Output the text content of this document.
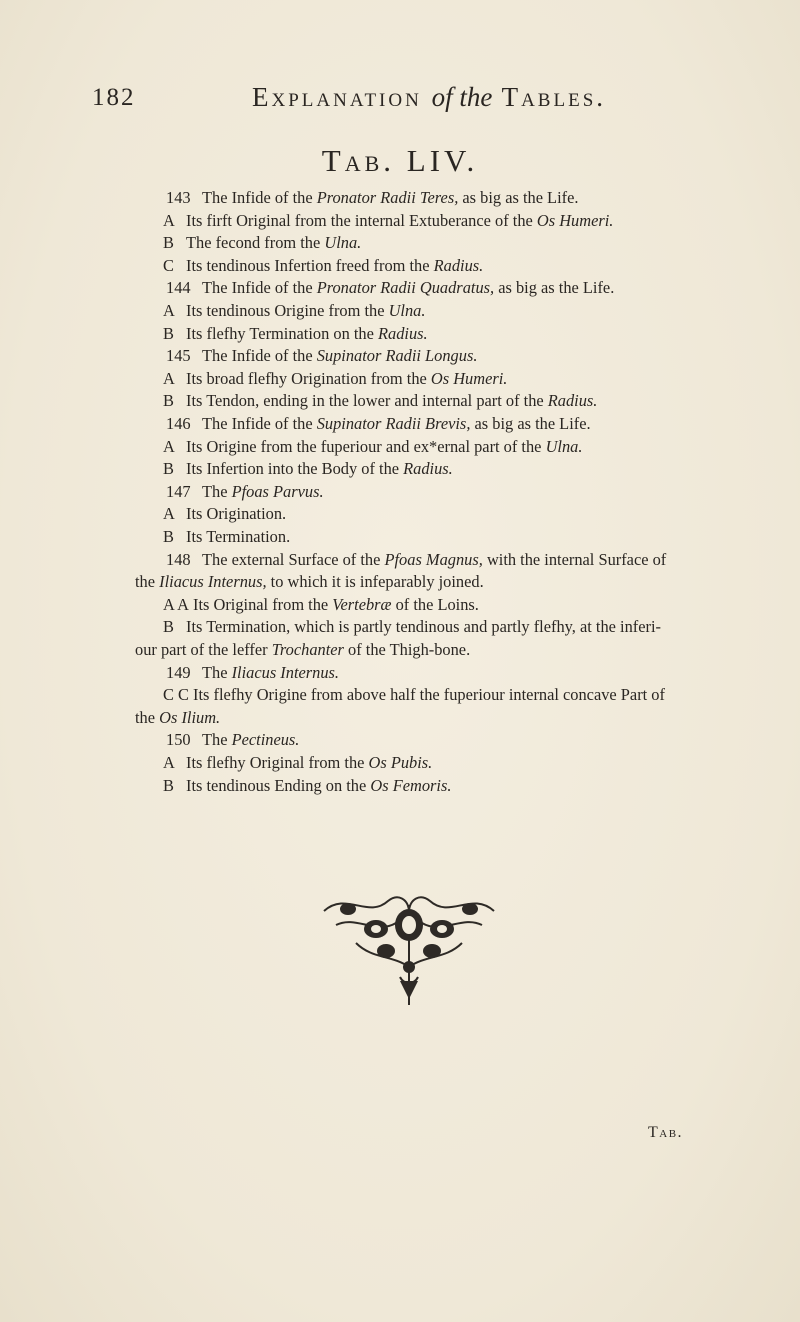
182	Explanation of the Tables.
Tab. LIV.
143 The Infide of the Pronator Radii Teres, as big as the Life.
A Its firft Original from the internal Extuberance of the Os Humeri.
B The fecond from the Ulna.
C Its tendinous Infertion freed from the Radius.
144 The Infide of the Pronator Radii Quadratus, as big as the Life.
A Its tendinous Origine from the Ulna.
B Its flefhy Termination on the Radius.
145 The Infide of the Supinator Radii Longus.
A Its broad flefhy Origination from the Os Humeri.
B Its Tendon, ending in the lower and internal part of the Radius.
146 The Infide of the Supinator Radii Brevis, as big as the Life.
A Its Origine from the fuperiour and ex*ernal part of the Ulna.
B Its Infertion into the Body of the Radius.
147 The Pfoas Parvus.
A Its Origination.
B Its Termination.
148 The external Surface of the Pfoas Magnus, with the internal Surface of
the Iliacus Internus, to which it is infeparably joined.
A A Its Original from the Vertebræ of the Loins.
B Its Termination, which is partly tendinous and partly flefhy, at the inferi-
our part of the leffer Trochanter of the Thigh-bone.
149 The Iliacus Internus.
C C Its flefhy Origine from above half the fuperiour internal concave Part of
the Os Ilium.
150 The Pectineus.
A Its flefhy Original from the Os Pubis.
B Its tendinous Ending on the Os Femoris.
Tab.
